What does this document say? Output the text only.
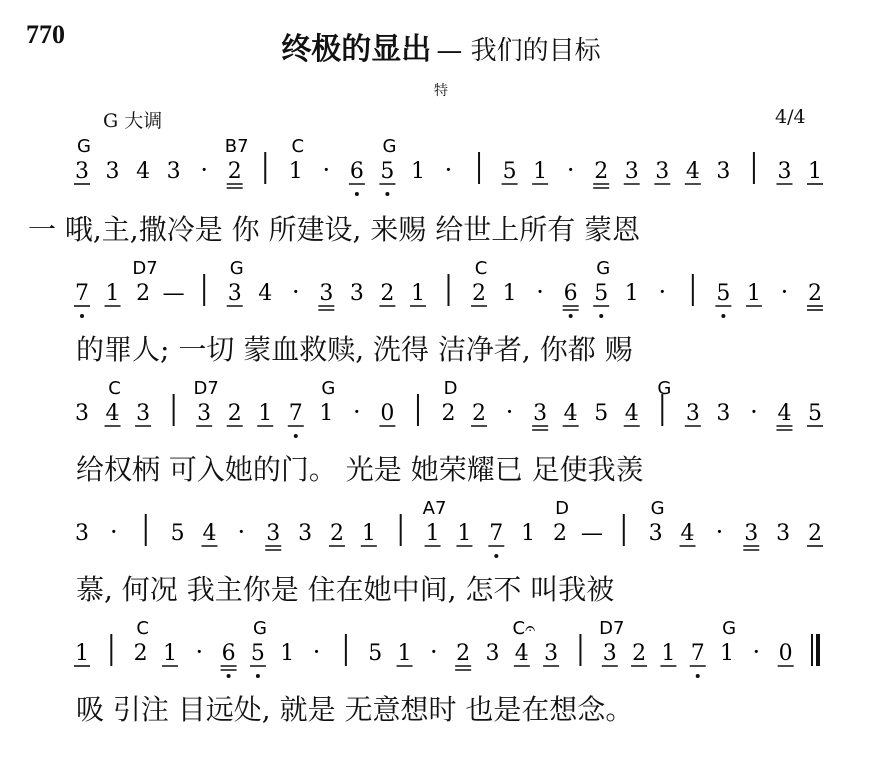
770	终极的显出 — 我们的目标
特
G 大调	4/4
3 3 4 3 · 2 1 · 6 5 1 · 5 1 · 2 3 3 4 3 3 1
G	B7 C	G
7 1 2 — 3 4 · 3 3 2 1 2 1 · 6 5 1 · 5 1 · 2
D7	G	C	G
3 4 3 3 2 1 7 1 · 0 2 2 · 3 4 5 4 3 3 · 4 5
C	D7	G	D	G
3 · 5 4 · 3 3 2 1 1 1 7 1 2 — 3 4 · 3 3 2
A7	D	G
1 2 1 · 6 5 1 · 5 1 · 2 3 4 3 3 2 1 7 1 · 0
C	G	C𝄐	D7	G
一 哦,主,撒冷是 你 所建设, 来赐 给世上所有 蒙恩
的罪人; 一切 蒙血救赎, 洗得 洁净者, 你都 赐
给权柄 可入她的门。 光是 她荣耀已 足使我羡
慕, 何况 我主你是 住在她中间, 怎不 叫我被
吸 引注 目远处, 就是 无意想时 也是在想念。
